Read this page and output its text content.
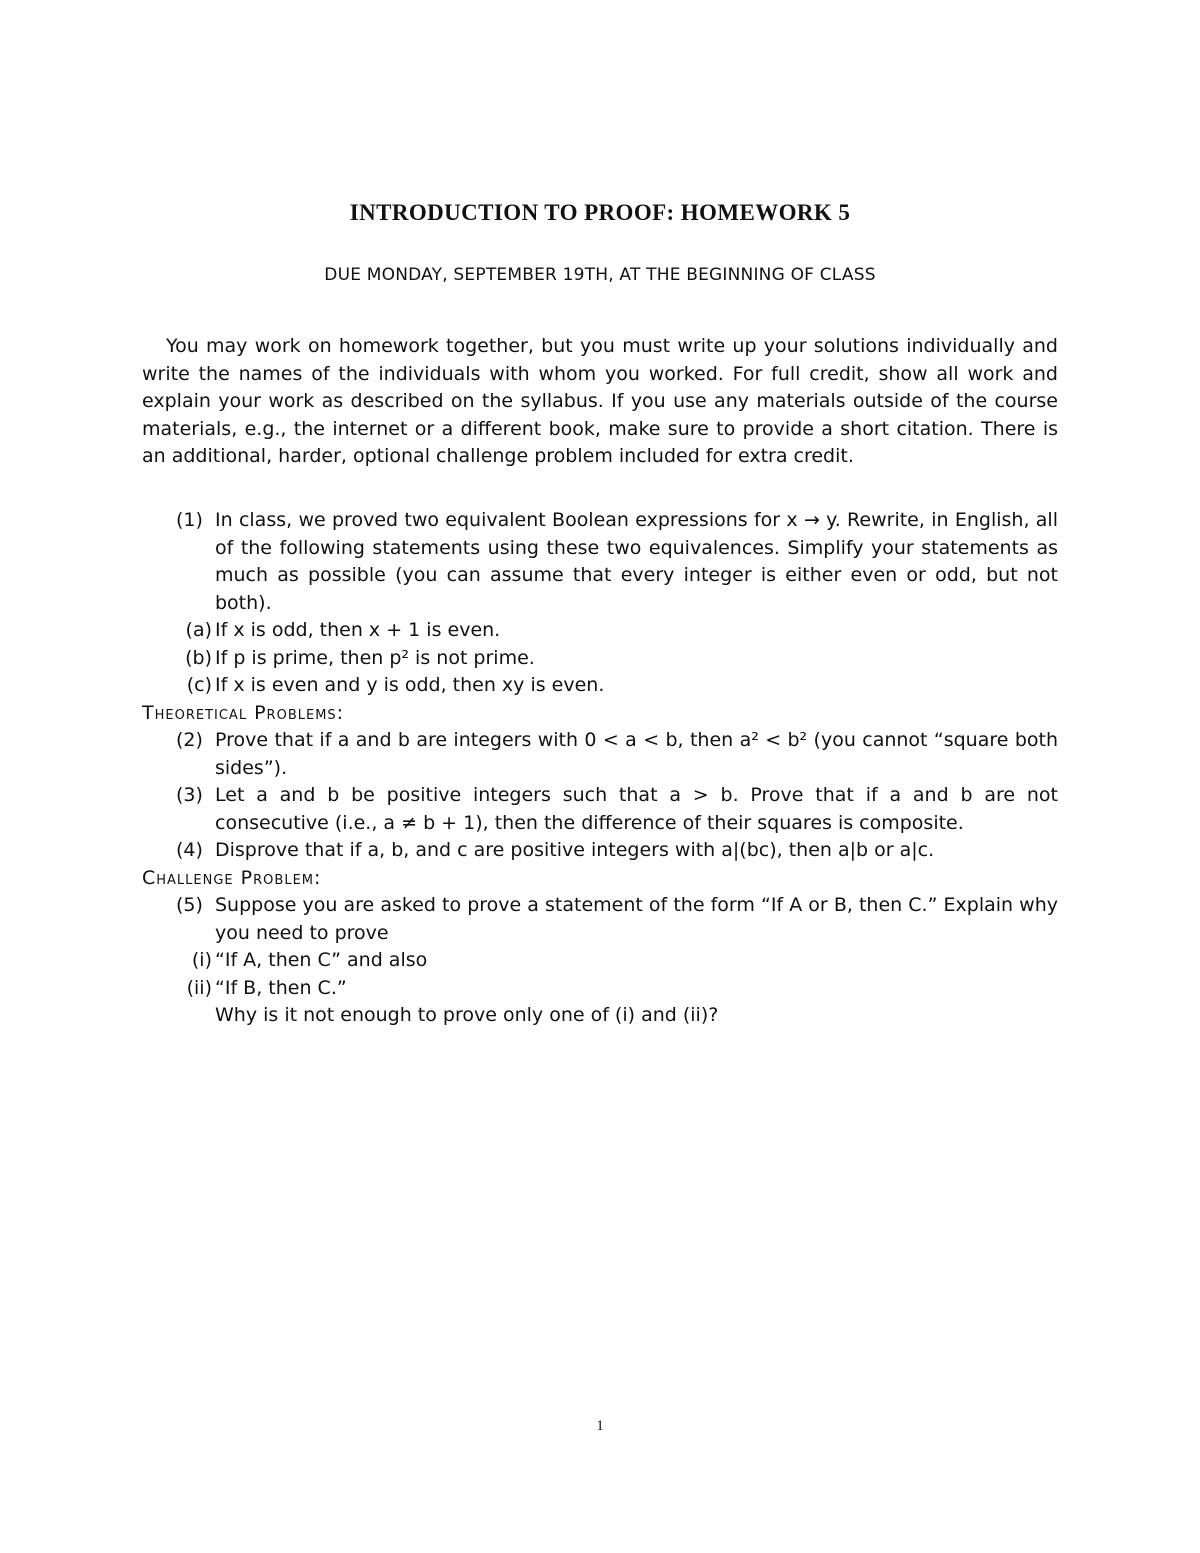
INTRODUCTION TO PROOF: HOMEWORK 5
DUE MONDAY, SEPTEMBER 19TH, AT THE BEGINNING OF CLASS
You may work on homework together, but you must write up your solutions individually and write the names of the individuals with whom you worked. For full credit, show all work and explain your work as described on the syllabus. If you use any materials outside of the course materials, e.g., the internet or a different book, make sure to provide a short citation. There is an additional, harder, optional challenge problem included for extra credit.
(1) In class, we proved two equivalent Boolean expressions for x → y. Rewrite, in English, all of the following statements using these two equivalences. Simplify your statements as much as possible (you can assume that every integer is either even or odd, but not both).
(a) If x is odd, then x + 1 is even.
(b) If p is prime, then p² is not prime.
(c) If x is even and y is odd, then xy is even.
Theoretical Problems:
(2) Prove that if a and b are integers with 0 < a < b, then a² < b² (you cannot “square both sides”).
(3) Let a and b be positive integers such that a > b. Prove that if a and b are not consecutive (i.e., a ≠ b + 1), then the difference of their squares is composite.
(4) Disprove that if a, b, and c are positive integers with a|(bc), then a|b or a|c.
Challenge Problem:
(5) Suppose you are asked to prove a statement of the form “If A or B, then C.” Explain why you need to prove
(i) “If A, then C” and also
(ii) “If B, then C.”
Why is it not enough to prove only one of (i) and (ii)?
1
